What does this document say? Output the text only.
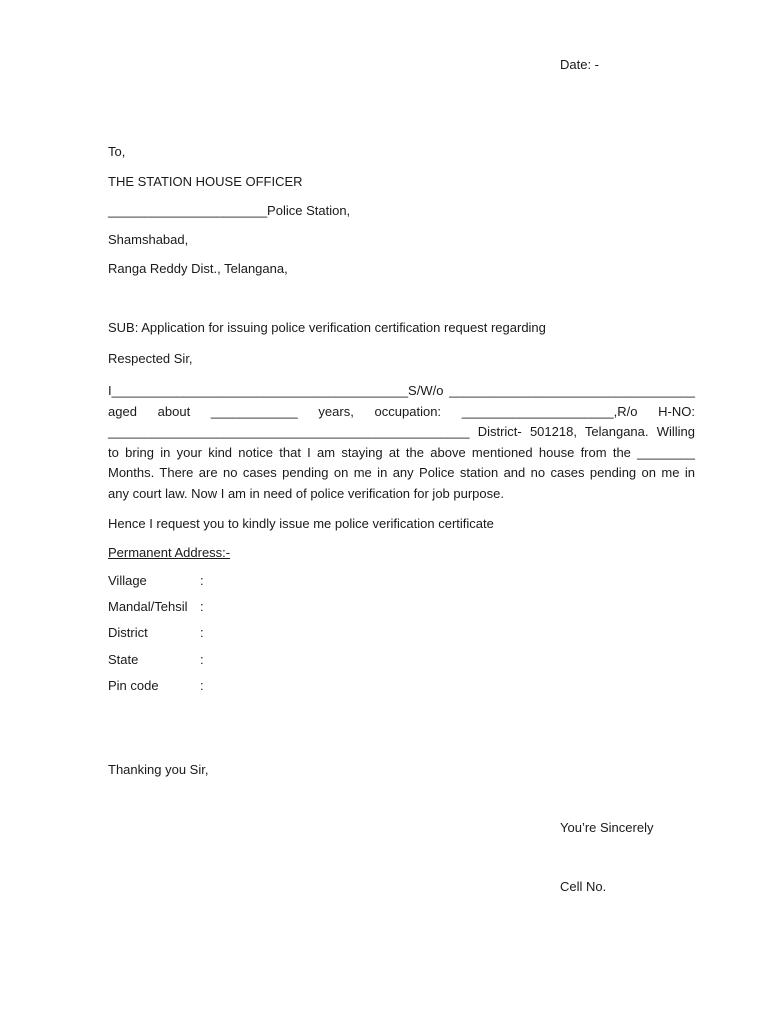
Date: -
To,
THE STATION HOUSE OFFICER
______________________Police Station,
Shamshabad,
Ranga Reddy Dist., Telangana,
SUB: Application for issuing police verification certification request regarding
Respected Sir,
I_________________________________________S/W/o __________________________________
aged about ____________ years, occupation: _____________________,R/o H-NO:
__________________________________________________ District- 501218, Telangana. Willing
to bring in your kind notice that I am staying at the above mentioned house from the ________
Months. There are no cases pending on me in any Police station and no cases pending on me in
any court law. Now I am in need of police verification for job purpose.
Hence I request you to kindly issue me police verification certificate
Permanent Address:-
Village	:
Mandal/Tehsil :
District	:
State	:
Pin code	:
Thanking you Sir,
You’re Sincerely
Cell No.
